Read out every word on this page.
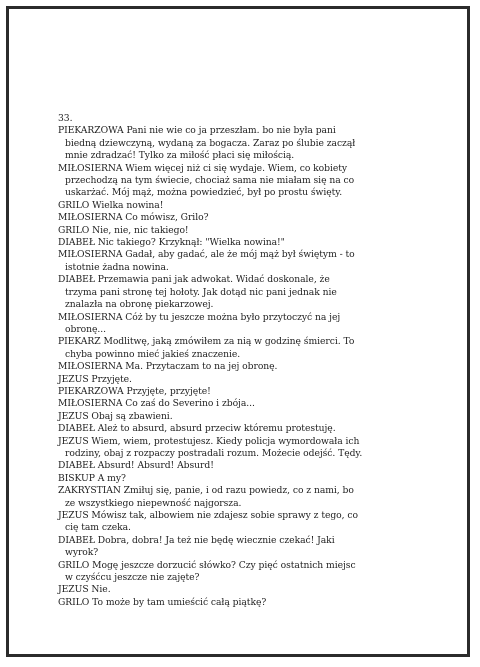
33.
PIEKARZOWA Pani nie wie co ja przeszłam. bo nie była pani
biedną dziewczyną, wydaną za bogacza. Zaraz po ślubie zaczął
mnie zdradzać! Tylko za miłość płaci się miłością.
MIŁOSIERNA Wiem więcej niż ci się wydaje. Wiem, co kobiety
przechodzą na tym świecie, chociaż sama nie miałam się na co
uskarżać. Mój mąż, można powiedzieć, był po prostu święty.
GRILO Wielka nowina!
MIŁOSIERNA Co mówisz, Grilo?
GRILO Nie, nie, nic takiego!
DIABEŁ Nic takiego? Krzyknął: "Wielka nowina!"
MIŁOSIERNA Gadał, aby gadać, ale że mój mąż był świętym - to
istotnie żadna nowina.
DIABEŁ Przemawia pani jak adwokat. Widać doskonale, że
trzyma pani stronę tej hołoty. Jak dotąd nic pani jednak nie
znalazła na obronę piekarzowej.
MIŁOSIERNA Cóż by tu jeszcze można było przytoczyć na jej
obronę...
PIEKARZ Modlitwę, jaką zmówiłem za nią w godzinę śmierci. To
chyba powinno mieć jakieś znaczenie.
MIŁOSIERNA Ma. Przytaczam to na jej obronę.
JEZUS Przyjęte.
PIEKARZOWA Przyjęte, przyjęte!
MIŁOSIERNA Co zaś do Severino i zbója...
JEZUS Obaj są zbawieni.
DIABEŁ Ależ to absurd, absurd przeciw któremu protestuję.
JEZUS Wiem, wiem, protestujesz. Kiedy policja wymordowała ich
rodziny, obaj z rozpaczy postradali rozum. Możecie odejść. Tędy.
DIABEŁ Absurd! Absurd! Absurd!
BISKUP A my?
ZAKRYSTIAN Zmiłuj się, panie, i od razu powiedz, co z nami, bo
ze wszystkiego niepewność najgorsza.
JEZUS Mówisz tak, albowiem nie zdajesz sobie sprawy z tego, co
cię tam czeka.
DIABEŁ Dobra, dobra! Ja też nie będę wiecznie czekać! Jaki
wyrok?
GRILO Mogę jeszcze dorzucić słówko? Czy pięć ostatnich miejsc
w czyśćcu jeszcze nie zajęte?
JEZUS Nie.
GRILO To może by tam umieścić całą piątkę?
